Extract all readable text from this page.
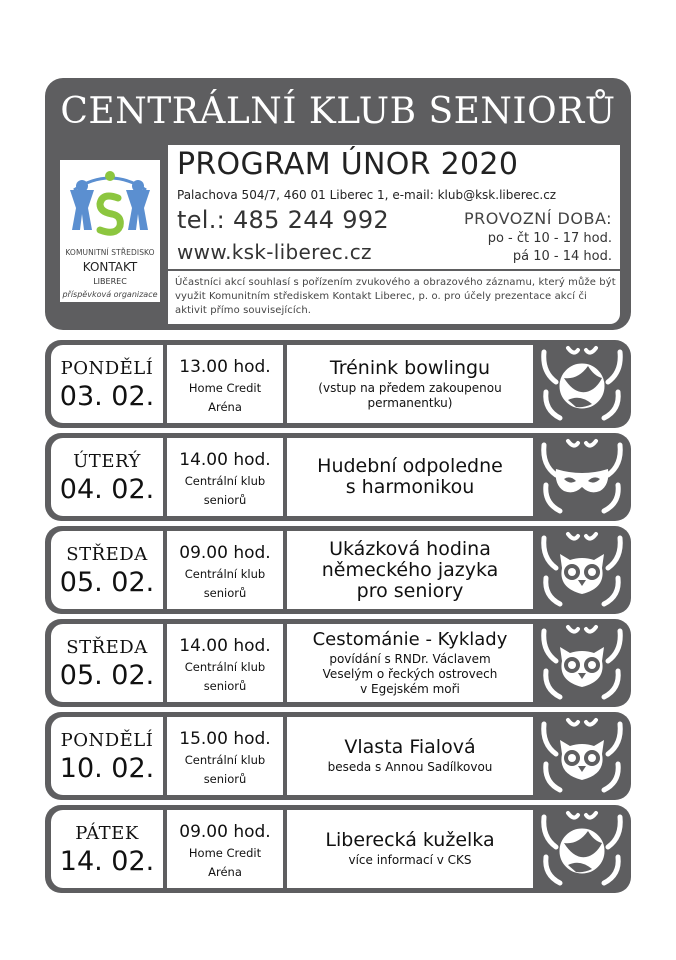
CENTRÁLNÍ KLUB SENIORŮ
KOMUNITNÍ STŘEDISKO
KONTAKT
LIBEREC
příspěvková organizace
PROGRAM ÚNOR 2020
Palachova 504/7, 460 01 Liberec 1, e-mail: klub@ksk.liberec.cz
tel.: 485 244 992
www.ksk-liberec.cz
PROVOZNÍ DOBA:
po - čt 10 - 17 hod.
pá 10 - 14 hod.
Účastníci akcí souhlasí s pořízením zvukového a obrazového záznamu, který může být využit Komunitním střediskem Kontakt Liberec, p. o. pro účely prezentace akcí či aktivit přímo souvisejících.
PONDĚLÍ
03. 02.
13.00 hod.
Home Credit Aréna
Trénink bowlingu
(vstup na předem zakoupenou
permanentku)
ÚTERÝ
04. 02.
14.00 hod.
Centrální klub seniorů
Hudební odpoledne
s harmonikou
STŘEDA
05. 02.
09.00 hod.
Centrální klub seniorů
Ukázková hodina
německého jazyka
pro seniory
STŘEDA
05. 02.
14.00 hod.
Centrální klub seniorů
Cestománie - Kyklady
povídání s RNDr. Václavem
Veselým o řeckých ostrovech
v Egejském moři
PONDĚLÍ
10. 02.
15.00 hod.
Centrální klub seniorů
Vlasta Fialová
beseda s Annou Sadílkovou
PÁTEK
14. 02.
09.00 hod.
Home Credit Aréna
Liberecká kuželka
více informací v CKS
